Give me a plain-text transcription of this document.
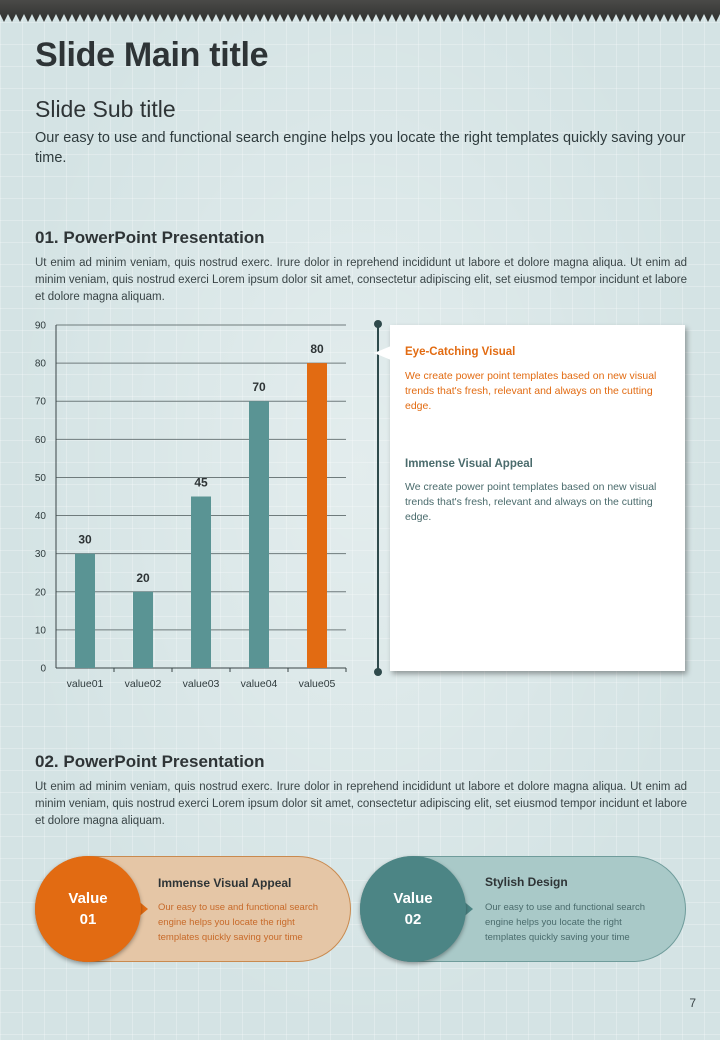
Slide Main title
Slide Sub title
Our easy to use and functional search engine helps you locate the right templates quickly saving your time.
01. PowerPoint Presentation
Ut enim ad minim veniam, quis nostrud exerc. Irure dolor in reprehend incididunt ut labore et dolore magna aliqua. Ut enim ad minim veniam, quis nostrud exerci Lorem ipsum dolor sit amet, consectetur adipiscing elit, set eiusmod tempor incidunt et labore et dolore magna aliquam.
0
10
20
30
40
50
60
70
80
90
30
value01
20
value02
45
value03
70
value04
80
value05
Eye-Catching Visual

We create power point templates based on new visual trends that's fresh, relevant and always on the cutting edge.

Immense Visual Appeal

We create power point templates based on new visual trends that's fresh, relevant and always on the cutting edge.

02. PowerPoint Presentation
Ut enim ad minim veniam, quis nostrud exerc. Irure dolor in reprehend incididunt ut labore et dolore magna aliqua. Ut enim ad minim veniam, quis nostrud exerci Lorem ipsum dolor sit amet, consectetur adipiscing elit, set eiusmod tempor incidunt et labore et dolore magna aliquam.
Value
01
Immense Visual Appeal
Our easy to use and functional search engine helps you locate the right templates quickly saving your time
Value
02
Stylish Design
Our easy to use and functional search engine helps you locate the right templates quickly saving your time
7
